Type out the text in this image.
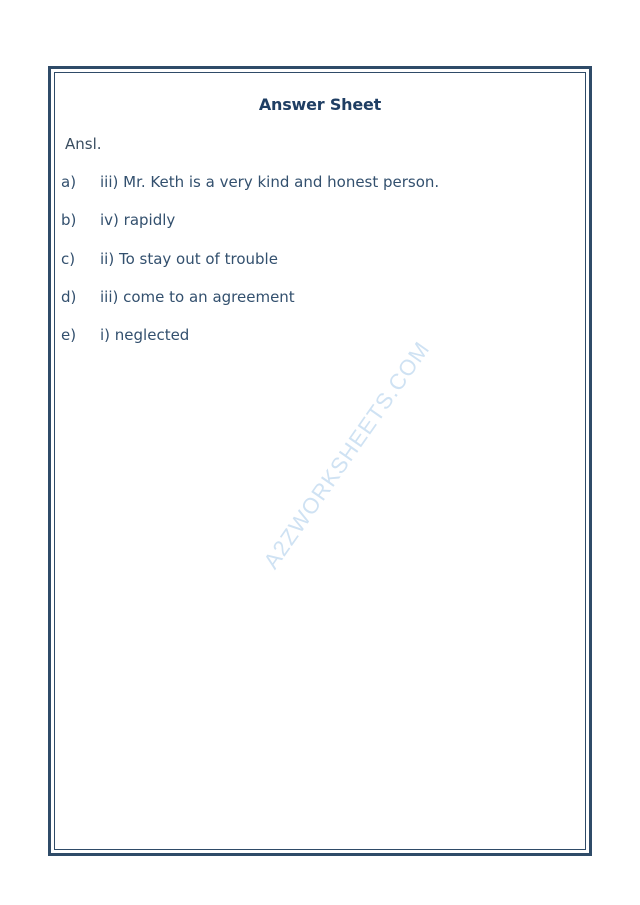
Answer Sheet
Ansl.
a) iii) Mr. Keth is a very kind and honest person.
b) iv) rapidly
c) ii) To stay out of trouble
d) iii) come to an agreement
e) i) neglected
A2ZWORKSHEETS.COM
